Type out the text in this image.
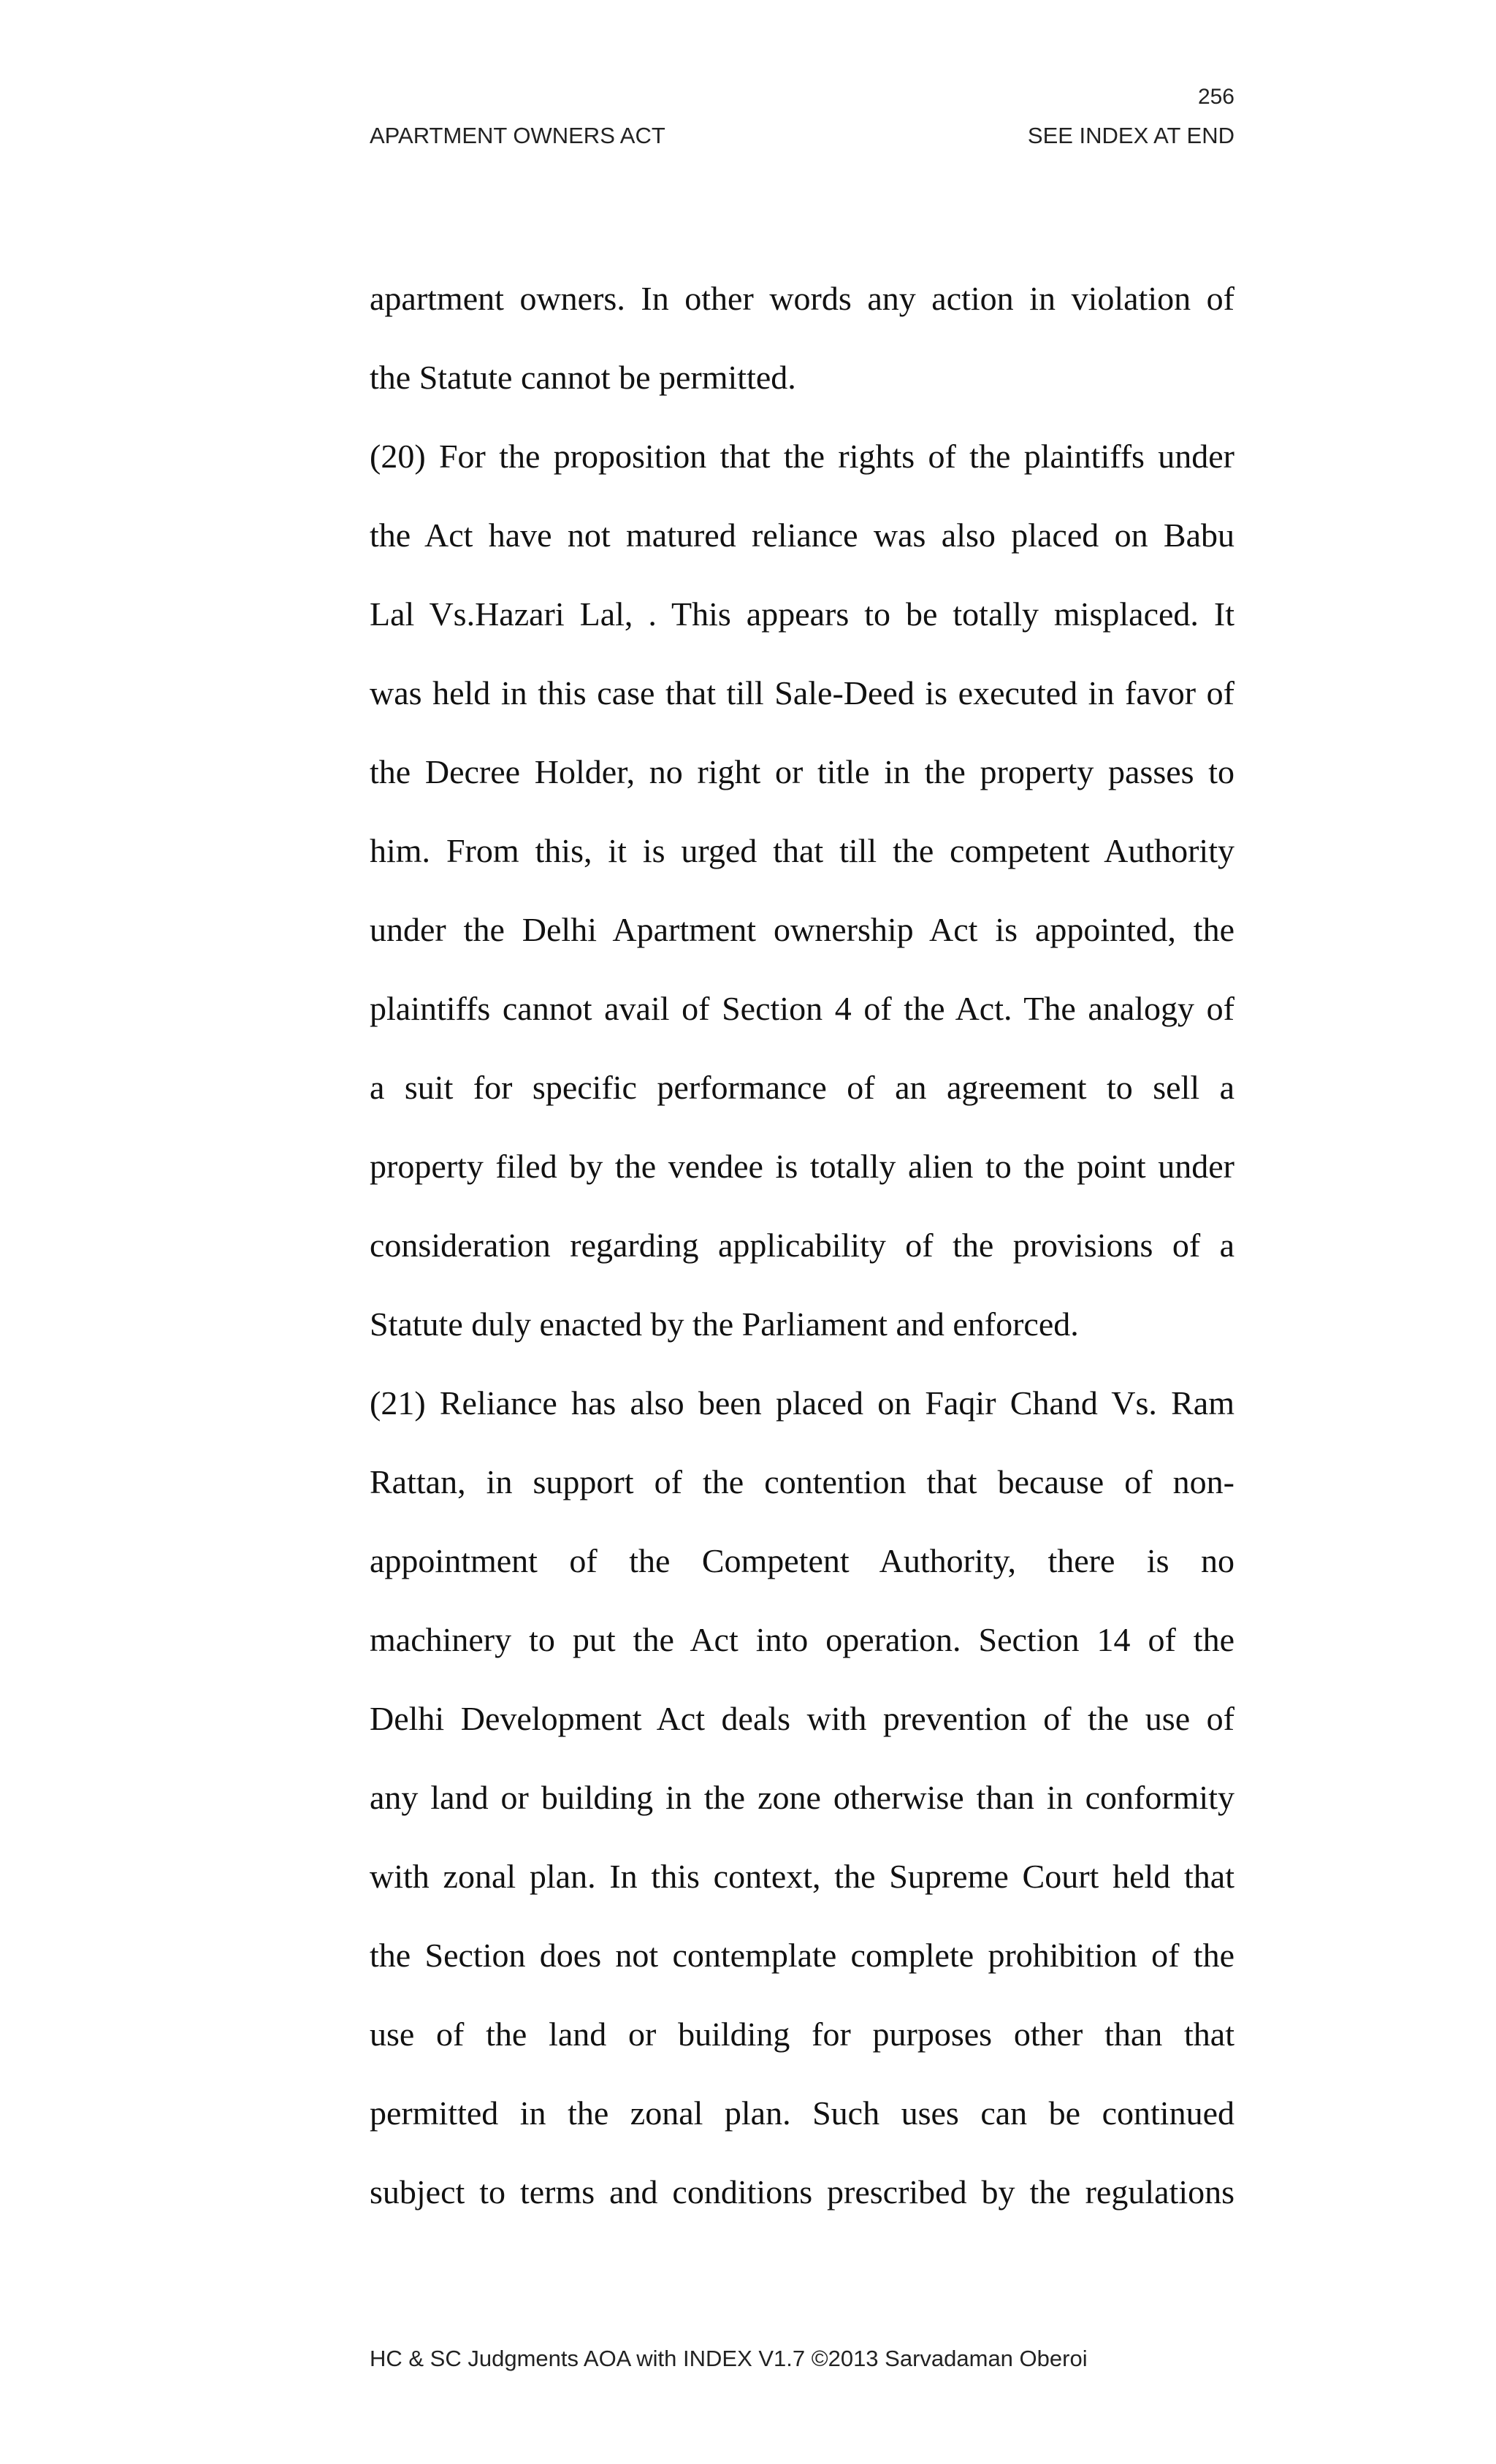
256
APARTMENT OWNERS ACT	SEE INDEX AT END
apartment owners. In other words any action in violation of
the Statute cannot be permitted.
(20) For the proposition that the rights of the plaintiffs under
the Act have not matured reliance was also placed on Babu
Lal Vs.Hazari Lal, . This appears to be totally misplaced. It
was held in this case that till Sale-Deed is executed in favor of
the Decree Holder, no right or title in the property passes to
him. From this, it is urged that till the competent Authority
under the Delhi Apartment ownership Act is appointed, the
plaintiffs cannot avail of Section 4 of the Act. The analogy of
a suit for specific performance of an agreement to sell a
property filed by the vendee is totally alien to the point under
consideration regarding applicability of the provisions of a
Statute duly enacted by the Parliament and enforced.
(21) Reliance has also been placed on Faqir Chand Vs. Ram
Rattan, in support of the contention that because of non-
appointment of the Competent Authority, there is no
machinery to put the Act into operation. Section 14 of the
Delhi Development Act deals with prevention of the use of
any land or building in the zone otherwise than in conformity
with zonal plan. In this context, the Supreme Court held that
the Section does not contemplate complete prohibition of the
use of the land or building for purposes other than that
permitted in the zonal plan. Such uses can be continued
subject to terms and conditions prescribed by the regulations
HC & SC Judgments AOA with INDEX V1.7 ©2013 Sarvadaman Oberoi
